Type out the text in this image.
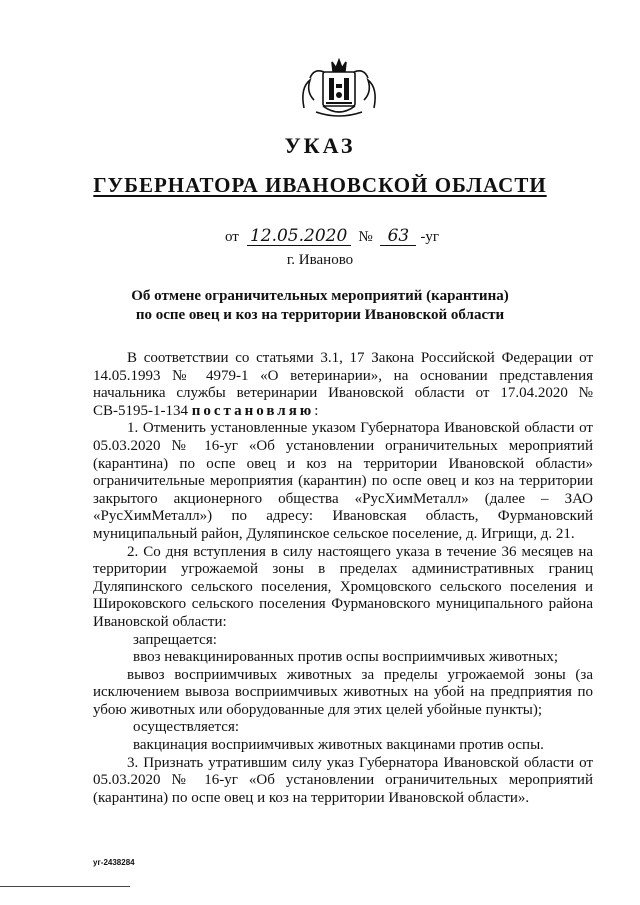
УКАЗ
ГУБЕРНАТОРА ИВАНОВСКОЙ ОБЛАСТИ
от 12.05.2020 № 63 -уг
г. Иваново
Об отмене ограничительных мероприятий (карантина)
по оспе овец и коз на территории Ивановской области

В соответствии со статьями 3.1, 17 Закона Российской Федерации от 14.05.1993 № 4979-1 «О ветеринарии», на основании представления начальника службы ветеринарии Ивановской области от 17.04.2020 № СВ-5195-1-134 постановляю:

1. Отменить установленные указом Губернатора Ивановской области от 05.03.2020 № 16-уг «Об установлении ограничительных мероприятий (карантина) по оспе овец и коз на территории Ивановской области» ограничительные мероприятия (карантин) по оспе овец и коз на территории закрытого акционерного общества «РусХимМеталл» (далее – ЗАО «РусХимМеталл») по адресу: Ивановская область, Фурмановский муниципальный район, Дуляпинское сельское поселение, д. Игрищи, д. 21.

2. Со дня вступления в силу настоящего указа в течение 36 месяцев на территории угрожаемой зоны в пределах административных границ Дуляпинского сельского поселения, Хромцовского сельского поселения и Широковского сельского поселения Фурмановского муниципального района Ивановской области:

запрещается:

ввоз невакцинированных против оспы восприимчивых животных;

вывоз восприимчивых животных за пределы угрожаемой зоны (за исключением вывоза восприимчивых животных на убой на предприятия по убою животных или оборудованные для этих целей убойные пункты);

осуществляется:

вакцинация восприимчивых животных вакцинами против оспы.

3. Признать утратившим силу указ Губернатора Ивановской области от 05.03.2020 № 16-уг «Об установлении ограничительных мероприятий (карантина) по оспе овец и коз на территории Ивановской области».

уг-2438284
